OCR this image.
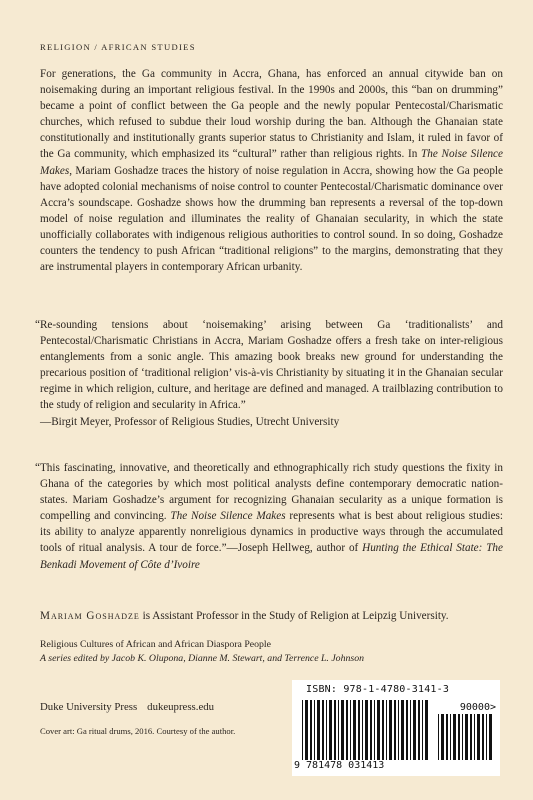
RELIGION / AFRICAN STUDIES

For generations, the Ga community in Accra, Ghana, has enforced an annual citywide ban on noisemaking during an important religious festival. In the 1990s and 2000s, this “ban on drumming” became a point of conflict between the Ga people and the newly popular Pentecostal/Charismatic churches, which refused to subdue their loud worship during the ban. Although the Ghanaian state constitutionally and institutionally grants superior status to Christianity and Islam, it ruled in favor of the Ga community, which emphasized its “cultural” rather than religious rights. In The Noise Silence Makes, Mariam Goshadze traces the history of noise regulation in Accra, showing how the Ga people have adopted colonial mechanisms of noise control to counter Pentecostal/Charismatic dominance over Accra’s soundscape. Goshadze shows how the drumming ban represents a reversal of the top-down model of noise regulation and illuminates the reality of Ghanaian secularity, in which the state unofficially collaborates with indigenous religious authorities to control sound. In so doing, Goshadze counters the tendency to push African “traditional religions” to the margins, demonstrating that they are instrumental players in contemporary African urbanity.

“Re-sounding tensions about ‘noisemaking’ arising between Ga ‘traditionalists’ and Pentecostal/Charismatic Christians in Accra, Mariam Goshadze offers a fresh take on inter-religious entanglements from a sonic angle. This amazing book breaks new ground for understanding the precarious position of ‘traditional religion’ vis-à-vis Christianity by situating it in the Ghanaian secular regime in which religion, culture, and heritage are defined and managed. A trailblazing contribution to the study of religion and secularity in Africa.”
—Birgit Meyer, Professor of Religious Studies, Utrecht University

“This fascinating, innovative, and theoretically and ethnographically rich study questions the fixity in Ghana of the categories by which most political analysts define contemporary democratic nation-states. Mariam Goshadze’s argument for recognizing Ghanaian secularity as a unique formation is compelling and convincing. The Noise Silence Makes represents what is best about religious studies: its ability to analyze apparently nonreligious dynamics in productive ways through the accumulated tools of ritual analysis. A tour de force.”—Joseph Hellweg, author of Hunting the Ethical State: The Benkadi Movement of Côte d’Ivoire

Mariam Goshadze is Assistant Professor in the Study of Religion at Leipzig University.
Religious Cultures of African and African Diaspora People
A series edited by Jacob K. Olupona, Dianne M. Stewart, and Terrence L. Johnson
Duke University Press dukeupress.edu
Cover art: Ga ritual drums, 2016. Courtesy of the author.
ISBN: 978-1-4780-3141-3
90000>
9 781478 031413
